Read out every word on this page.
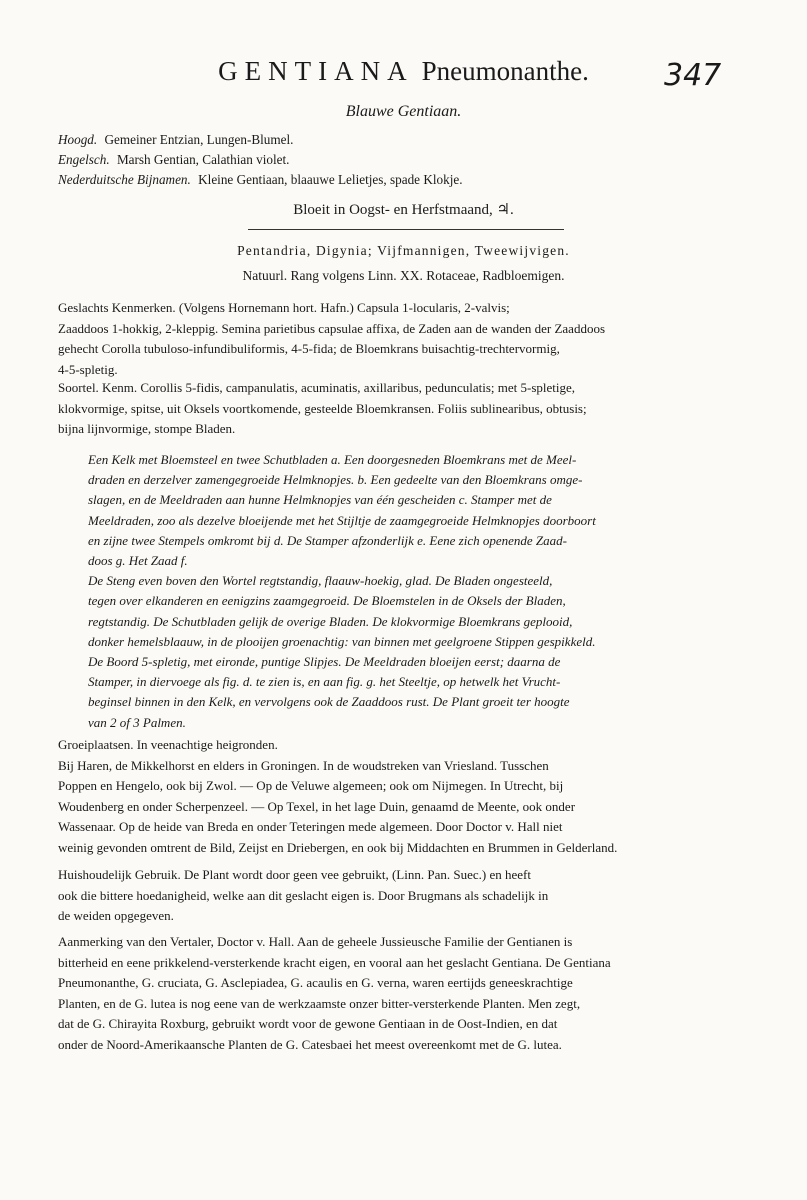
GENTIANA Pneumonanthe.	347
Blauwe Gentiaan.
Hoogd. Gemeiner Entzian, Lungen-Blumel.
Engelsch. Marsh Gentian, Calathian violet.
Nederduitsche Bijnamen. Kleine Gentiaan, blaauwe Lelietjes, spade Klokje.
Bloeit in Oogst- en Herfstmaand, ♃.
Pentandria, Digynia; Vijfmannigen, Tweewijvigen.
Natuurl. Rang volgens Linn. XX. Rotaceae, Radbloemigen.

Geslachts Kenmerken. (Volgens Hornemann hort. Hafn.) Capsula 1-locularis, 2-valvis;

Zaaddoos 1-hokkig, 2-kleppig. Semina parietibus capsulae affixa, de Zaden aan de wanden der Zaaddoos

gehecht Corolla tubuloso-infundibuliformis, 4-5-fida; de Bloemkrans buisachtig-trechtervormig,

4-5-spletig.

Soortel. Kenm. Corollis 5-fidis, campanulatis, acuminatis, axillaribus, pedunculatis; met 5-spletige,

klokvormige, spitse, uit Oksels voortkomende, gesteelde Bloemkransen. Foliis sublinearibus, obtusis;

bijna lijnvormige, stompe Bladen.

Een Kelk met Bloemsteel en twee Schutbladen a. Een doorgesneden Bloemkrans met de Meel-

draden en derzelver zamengegroeide Helmknopjes. b. Een gedeelte van den Bloemkrans omge-

slagen, en de Meeldraden aan hunne Helmknopjes van één gescheiden c. Stamper met de

Meeldraden, zoo als dezelve bloeijende met het Stijltje de zaamgegroeide Helmknopjes doorboort

en zijne twee Stempels omkromt bij d. De Stamper afzonderlijk e. Eene zich openende Zaad-

doos g. Het Zaad f.

De Steng even boven den Wortel regtstandig, flaauw-hoekig, glad. De Bladen ongesteeld,

tegen over elkanderen en eenigzins zaamgegroeid. De Bloemstelen in de Oksels der Bladen,

regtstandig. De Schutbladen gelijk de overige Bladen. De klokvormige Bloemkrans geplooid,

donker hemelsblaauw, in de plooijen groenachtig: van binnen met geelgroene Stippen gespikkeld.

De Boord 5-spletig, met eironde, puntige Slipjes. De Meeldraden bloeijen eerst; daarna de

Stamper, in diervoege als fig. d. te zien is, en aan fig. g. het Steeltje, op hetwelk het Vrucht-

beginsel binnen in den Kelk, en vervolgens ook de Zaaddoos rust. De Plant groeit ter hoogte

van 2 of 3 Palmen.

Groeiplaatsen. In veenachtige heigronden.

Bij Haren, de Mikkelhorst en elders in Groningen. In de woudstreken van Vriesland. Tusschen

Poppen en Hengelo, ook bij Zwol. — Op de Veluwe algemeen; ook om Nijmegen. In Utrecht, bij

Woudenberg en onder Scherpenzeel. — Op Texel, in het lage Duin, genaamd de Meente, ook onder

Wassenaar. Op de heide van Breda en onder Teteringen mede algemeen. Door Doctor v. Hall niet

weinig gevonden omtrent de Bild, Zeijst en Driebergen, en ook bij Middachten en Brummen in Gelderland.

Huishoudelijk Gebruik. De Plant wordt door geen vee gebruikt, (Linn. Pan. Suec.) en heeft

ook die bittere hoedanigheid, welke aan dit geslacht eigen is. Door Brugmans als schadelijk in

de weiden opgegeven.

Aanmerking van den Vertaler, Doctor v. Hall. Aan de geheele Jussieusche Familie der Gentianen is

bitterheid en eene prikkelend-versterkende kracht eigen, en vooral aan het geslacht Gentiana. De Gentiana

Pneumonanthe, G. cruciata, G. Asclepiadea, G. acaulis en G. verna, waren eertijds geneeskrachtige

Planten, en de G. lutea is nog eene van de werkzaamste onzer bitter-versterkende Planten. Men zegt,

dat de G. Chirayita Roxburg, gebruikt wordt voor de gewone Gentiaan in de Oost-Indien, en dat

onder de Noord-Amerikaansche Planten de G. Catesbaei het meest overeenkomt met de G. lutea.
